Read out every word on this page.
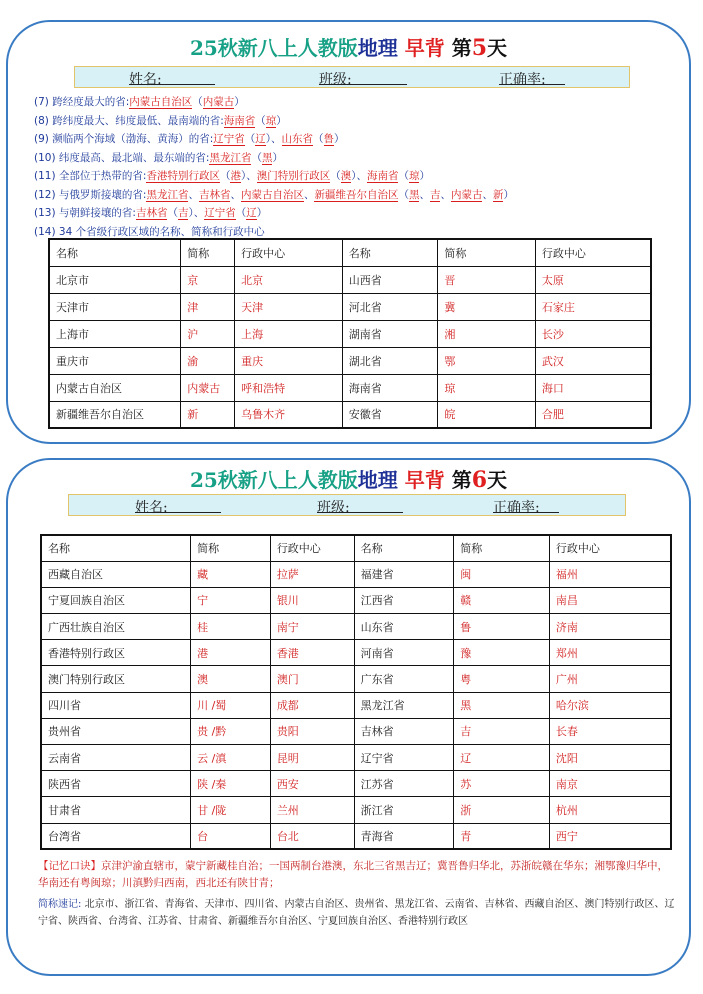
25秋新八上人教版地理 早背 第5天
姓名:	班级:	正确率:
(7) 跨经度最大的省:内蒙古自治区（内蒙古）
(8) 跨纬度最大、纬度最低、最南端的省:海南省（琼）
(9) 濒临两个海域（渤海、黄海）的省:辽宁省（辽）、山东省（鲁）
(10) 纬度最高、最北端、最东端的省:黑龙江省（黑）
(11) 全部位于热带的省:香港特别行政区（港）、澳门特别行政区（澳）、海南省（琼）
(12) 与俄罗斯接壤的省:黑龙江省、吉林省、内蒙古自治区、新疆维吾尔自治区（黑、吉、内蒙古、新）
(13) 与朝鲜接壤的省:吉林省（吉）、辽宁省（辽）
(14) 34 个省级行政区域的名称、简称和行政中心
名称	简称	行政中心	名称	简称	行政中心
北京市	京	北京	山西省	晋	太原
天津市	津	天津	河北省	冀	石家庄
上海市	沪	上海	湖南省	湘	长沙
重庆市	渝	重庆	湖北省	鄂	武汉
内蒙古自治区	内蒙古	呼和浩特	海南省	琼	海口
新疆维吾尔自治区	新	乌鲁木齐	安徽省	皖	合肥
25秋新八上人教版地理 早背 第6天
姓名:	班级:	正确率:
名称	简称	行政中心	名称	简称	行政中心
西藏自治区	藏	拉萨	福建省	闽	福州
宁夏回族自治区	宁	银川	江西省	赣	南昌
广西壮族自治区	桂	南宁	山东省	鲁	济南
香港特别行政区	港	香港	河南省	豫	郑州
澳门特别行政区	澳	澳门	广东省	粤	广州
四川省	川 /蜀	成都	黑龙江省	黑	哈尔滨
贵州省	贵 /黔	贵阳	吉林省	吉	长春
云南省	云 /滇	昆明	辽宁省	辽	沈阳
陕西省	陕 /秦	西安	江苏省	苏	南京
甘肃省	甘 /陇	兰州	浙江省	浙	杭州
台湾省	台	台北	青海省	青	西宁
【记忆口诀】京津沪渝直辖市，蒙宁新藏桂自治；一国两制台港澳，东北三省黑吉辽；冀晋鲁归华北，苏浙皖赣在华东；湘鄂豫归华中，华南还有粤闽琼；川滇黔归西南，西北还有陕甘青；
简称速记: 北京市、浙江省、青海省、天津市、四川省、内蒙古自治区、贵州省、黑龙江省、云南省、吉林省、西藏自治区、澳门特别行政区、辽宁省、陕西省、台湾省、江苏省、甘肃省、新疆维吾尔自治区、宁夏回族自治区、香港特别行政区
